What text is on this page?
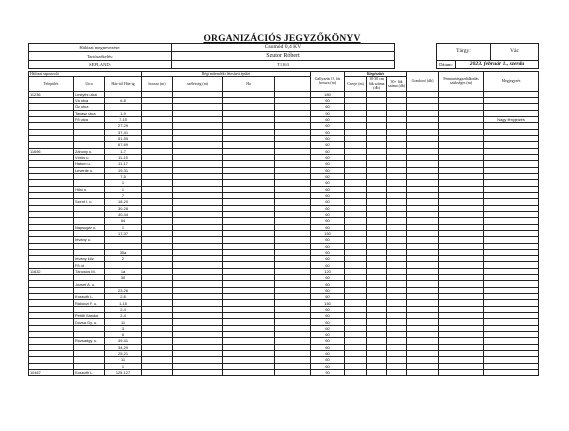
ORGANIZÁCIÓS JEGYZŐKÖNYV
Hálózat megnevezése:	Csomód 0,4 KV		Tárgy:		Vác
Tartószékelés:	Szutor Róbert				
SEPLAND:	T1163		Dátum:	2023. február 1., szerda	
Hálózat szponzoló			Régi műemléki létesített épület				Gallyazás O. fás hossza (m)	Kiegészítés			Gondozó (db)	Fenntartásgazdálkodás szükséges (m)	Megjegyzés
Település	Utca	Ház-tól Ház-ig						Cserje (m)	10-30 cm fák száma (db)	30+ fák száma (db)			
			hossza (m)	szélesség (m)	Ha								
11236	Lestyés utca						180						
	Vá utca	6-8					60						
	Óz utca						60						
	Tavasz utca	1-9					90						
	Fő utca	7-15					60						Nagy fényjelzés
		27-29					60						
		37-41					60						
		51-55					60						
		67-69					60						
11696	Záhony u.	1-7					60						
	Vörös u.	11-15					60						
	Hatom u.	11-17					60						
	Levente u.	19-31					60						
		7-5					60						
		1					60						
	Hősi u.	1					60						
		7					60						
	Szent I. u.	18-20					60						
		30-28					60						
		40-44					60						
		54					60						
	Napsugár u.	1					60						
		17-37					150						
	Irtvány u.						60						
							60						
		35a					60						
	Irtvány köz	2					60						
	Fő út						60						
11632	Táncsics M.	1a					120						
		30					60						
	József A. u.						60						
		23-26					60						
	Kossuth L.	2-6					60						
	Rákóczi F. u.	1-15					150						
		2-4					60						
	Petőfi Sándor	2-4					60						
	Dózsa Gy. u.	11					60						
		3					60						
		6					60						
	Rózsadgy. u.	49-41					60						
		34-29					60						
		25-21					60						
		11					60						
		1					60						
10467	Kossuth L.	125-127					90						
